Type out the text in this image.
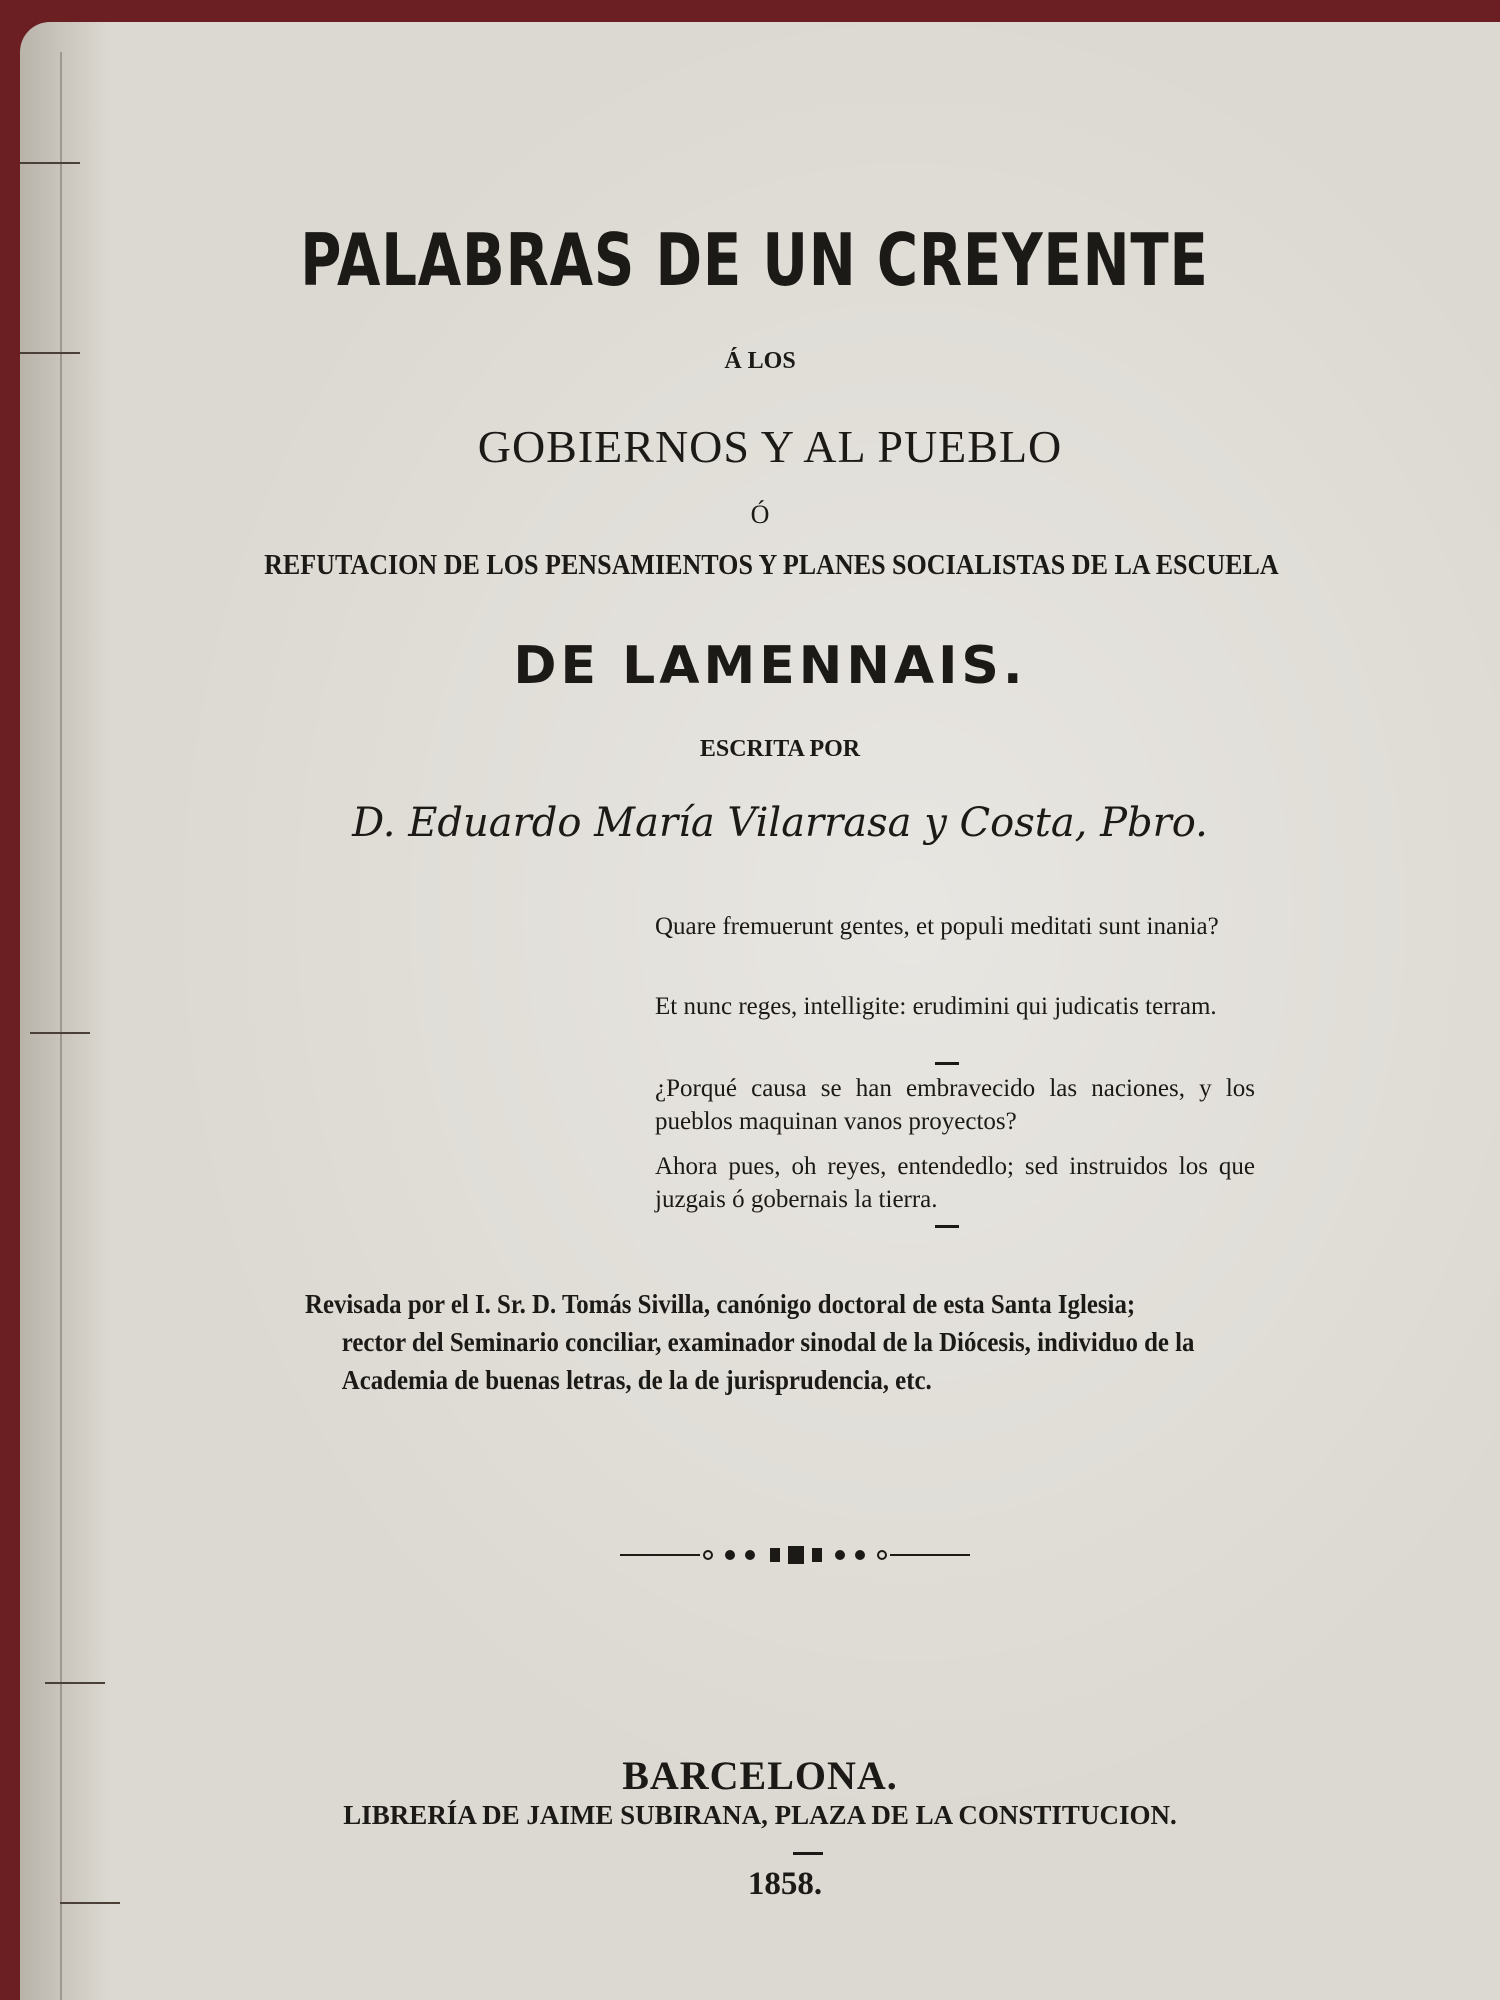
PALABRAS DE UN CREYENTE
Á LOS
GOBIERNOS Y AL PUEBLO
Ó
REFUTACION DE LOS PENSAMIENTOS Y PLANES SOCIALISTAS DE LA ESCUELA
DE LAMENNAIS.
ESCRITA POR
D. Eduardo María Vilarrasa y Costa, Pbro.
Quare fremuerunt gentes, et populi meditati sunt inania?
Et nunc reges, intelligite: erudimini qui judicatis terram.
¿Porqué causa se han embravecido las naciones, y los pueblos maquinan vanos proyectos?
Ahora pues, oh reyes, entendedlo; sed instruidos los que juzgais ó gobernais la tierra.
Revisada por el I. Sr. D. Tomás Sivilla, canónigo doctoral de esta Santa Iglesia;
rector del Seminario conciliar, examinador sinodal de la Diócesis, individuo de la
Academia de buenas letras, de la de jurisprudencia, etc.
BARCELONA.
LIBRERÍA DE JAIME SUBIRANA, PLAZA DE LA CONSTITUCION.
1858.
